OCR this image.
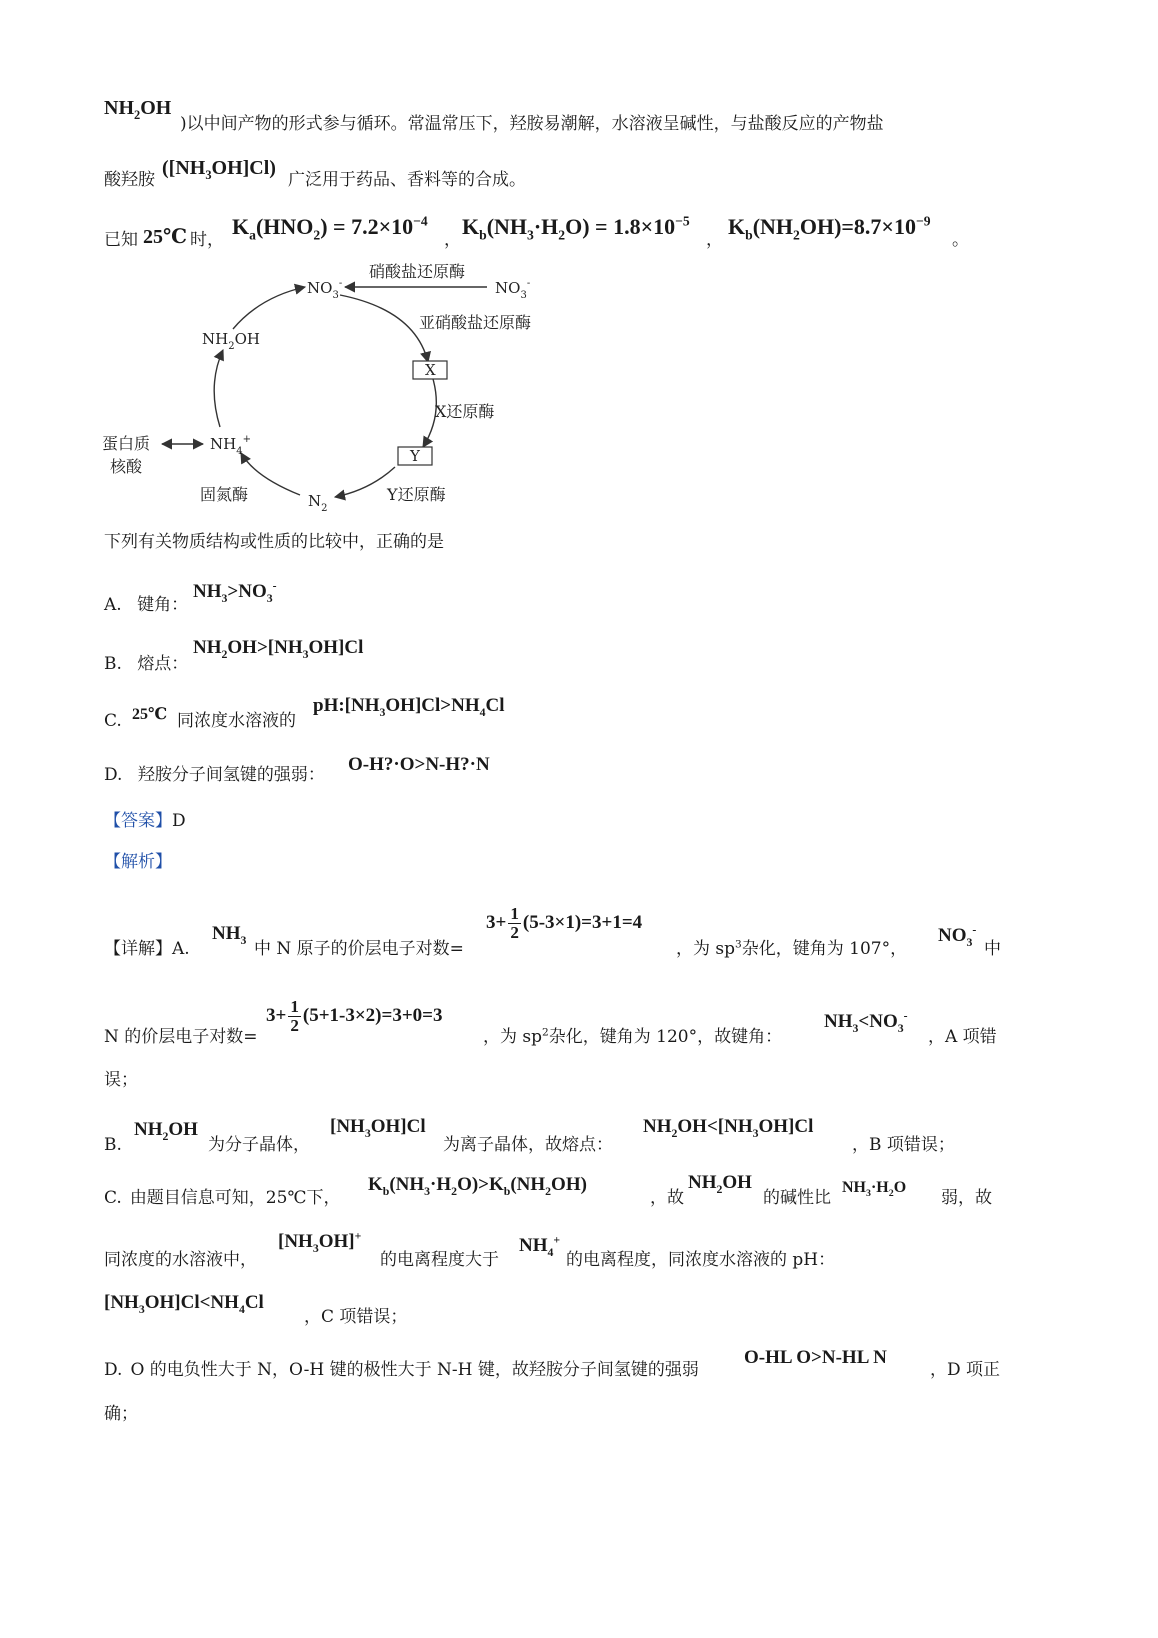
$NH_2OH$
)以中间产物的形式参与循环。常温常压下，羟胺易潮解，水溶液呈碱性，与盐酸反应的产物盐
酸羟胺
$([NH_3OH]Cl)$
广泛用于药品、香料等的合成。
已知 25℃ 时，
$K_a(HNO_2) = 7.2\times 10^{-4}$
，
$K_b(NH_3\cdot H_2O) = 1.8\times 10^{-5}$
，
$K_b(NH_2OH)=8.7\times 10^{-9}$
。
$NO_3^-$	$NO_3^-$
$NH_2OH$
$NH_4^+$
$N_2$
X
Y
硝酸盐还原酶
亚硝酸盐还原酶
X还原酶
Y还原酶
固氮酶
蛋白质
核酸
下列有关物质结构或性质的比较中，正确的是
A. 键角：
$NH_3>NO_3^-$
B. 熔点：
$NH_2OH>[NH_3OH]Cl$
C. 25℃ 同浓度水溶液的
$pH:[NH_3OH]Cl>NH_4Cl$
D. 羟胺分子间氢键的强弱： O-H?·O>N-H?·N
【答案】D
【解析】
【详解】A.
$NH_3$ 中 N 原子的价层电子对数=
$3+ \frac{1}{2} (5-3\times 1)=3+1=4$
，为 $sp^3$杂化，键角为 107°，
$NO_3^-$
中
N 的价层电子对数=
$3+ \frac{1}{2} (5+1-3\times 2)=3+0=3$
，为 $sp^2$杂化，键角为 120°，故键角：
$NH_3<NO_3^-$
，A 项错
误；
B.
$NH_2OH$
为分子晶体，
$[NH_3OH]Cl$
为离子晶体，故熔点：
$NH_2OH<[NH_3OH]Cl$
，B 项错误；
C. 由题目信息可知，25℃下，
$K_b(NH_3\cdot H_2O)>K_b(NH_2OH)$
，故
$NH_2OH$
的碱性比
$NH_3\cdot H_2O$
弱，故
同浓度的水溶液中，
$[NH_3OH]^+$
的电离程度大于
$NH_4^+$
的电离程度，同浓度水溶液的 pH：
$[NH_3OH]Cl<NH_4Cl$
，C 项错误；
D. O 的电负性大于 N，O-H 键的极性大于 N-H 键，故羟胺分子间氢键的强弱
O-HL O>N-HL N
，D 项正
确；
